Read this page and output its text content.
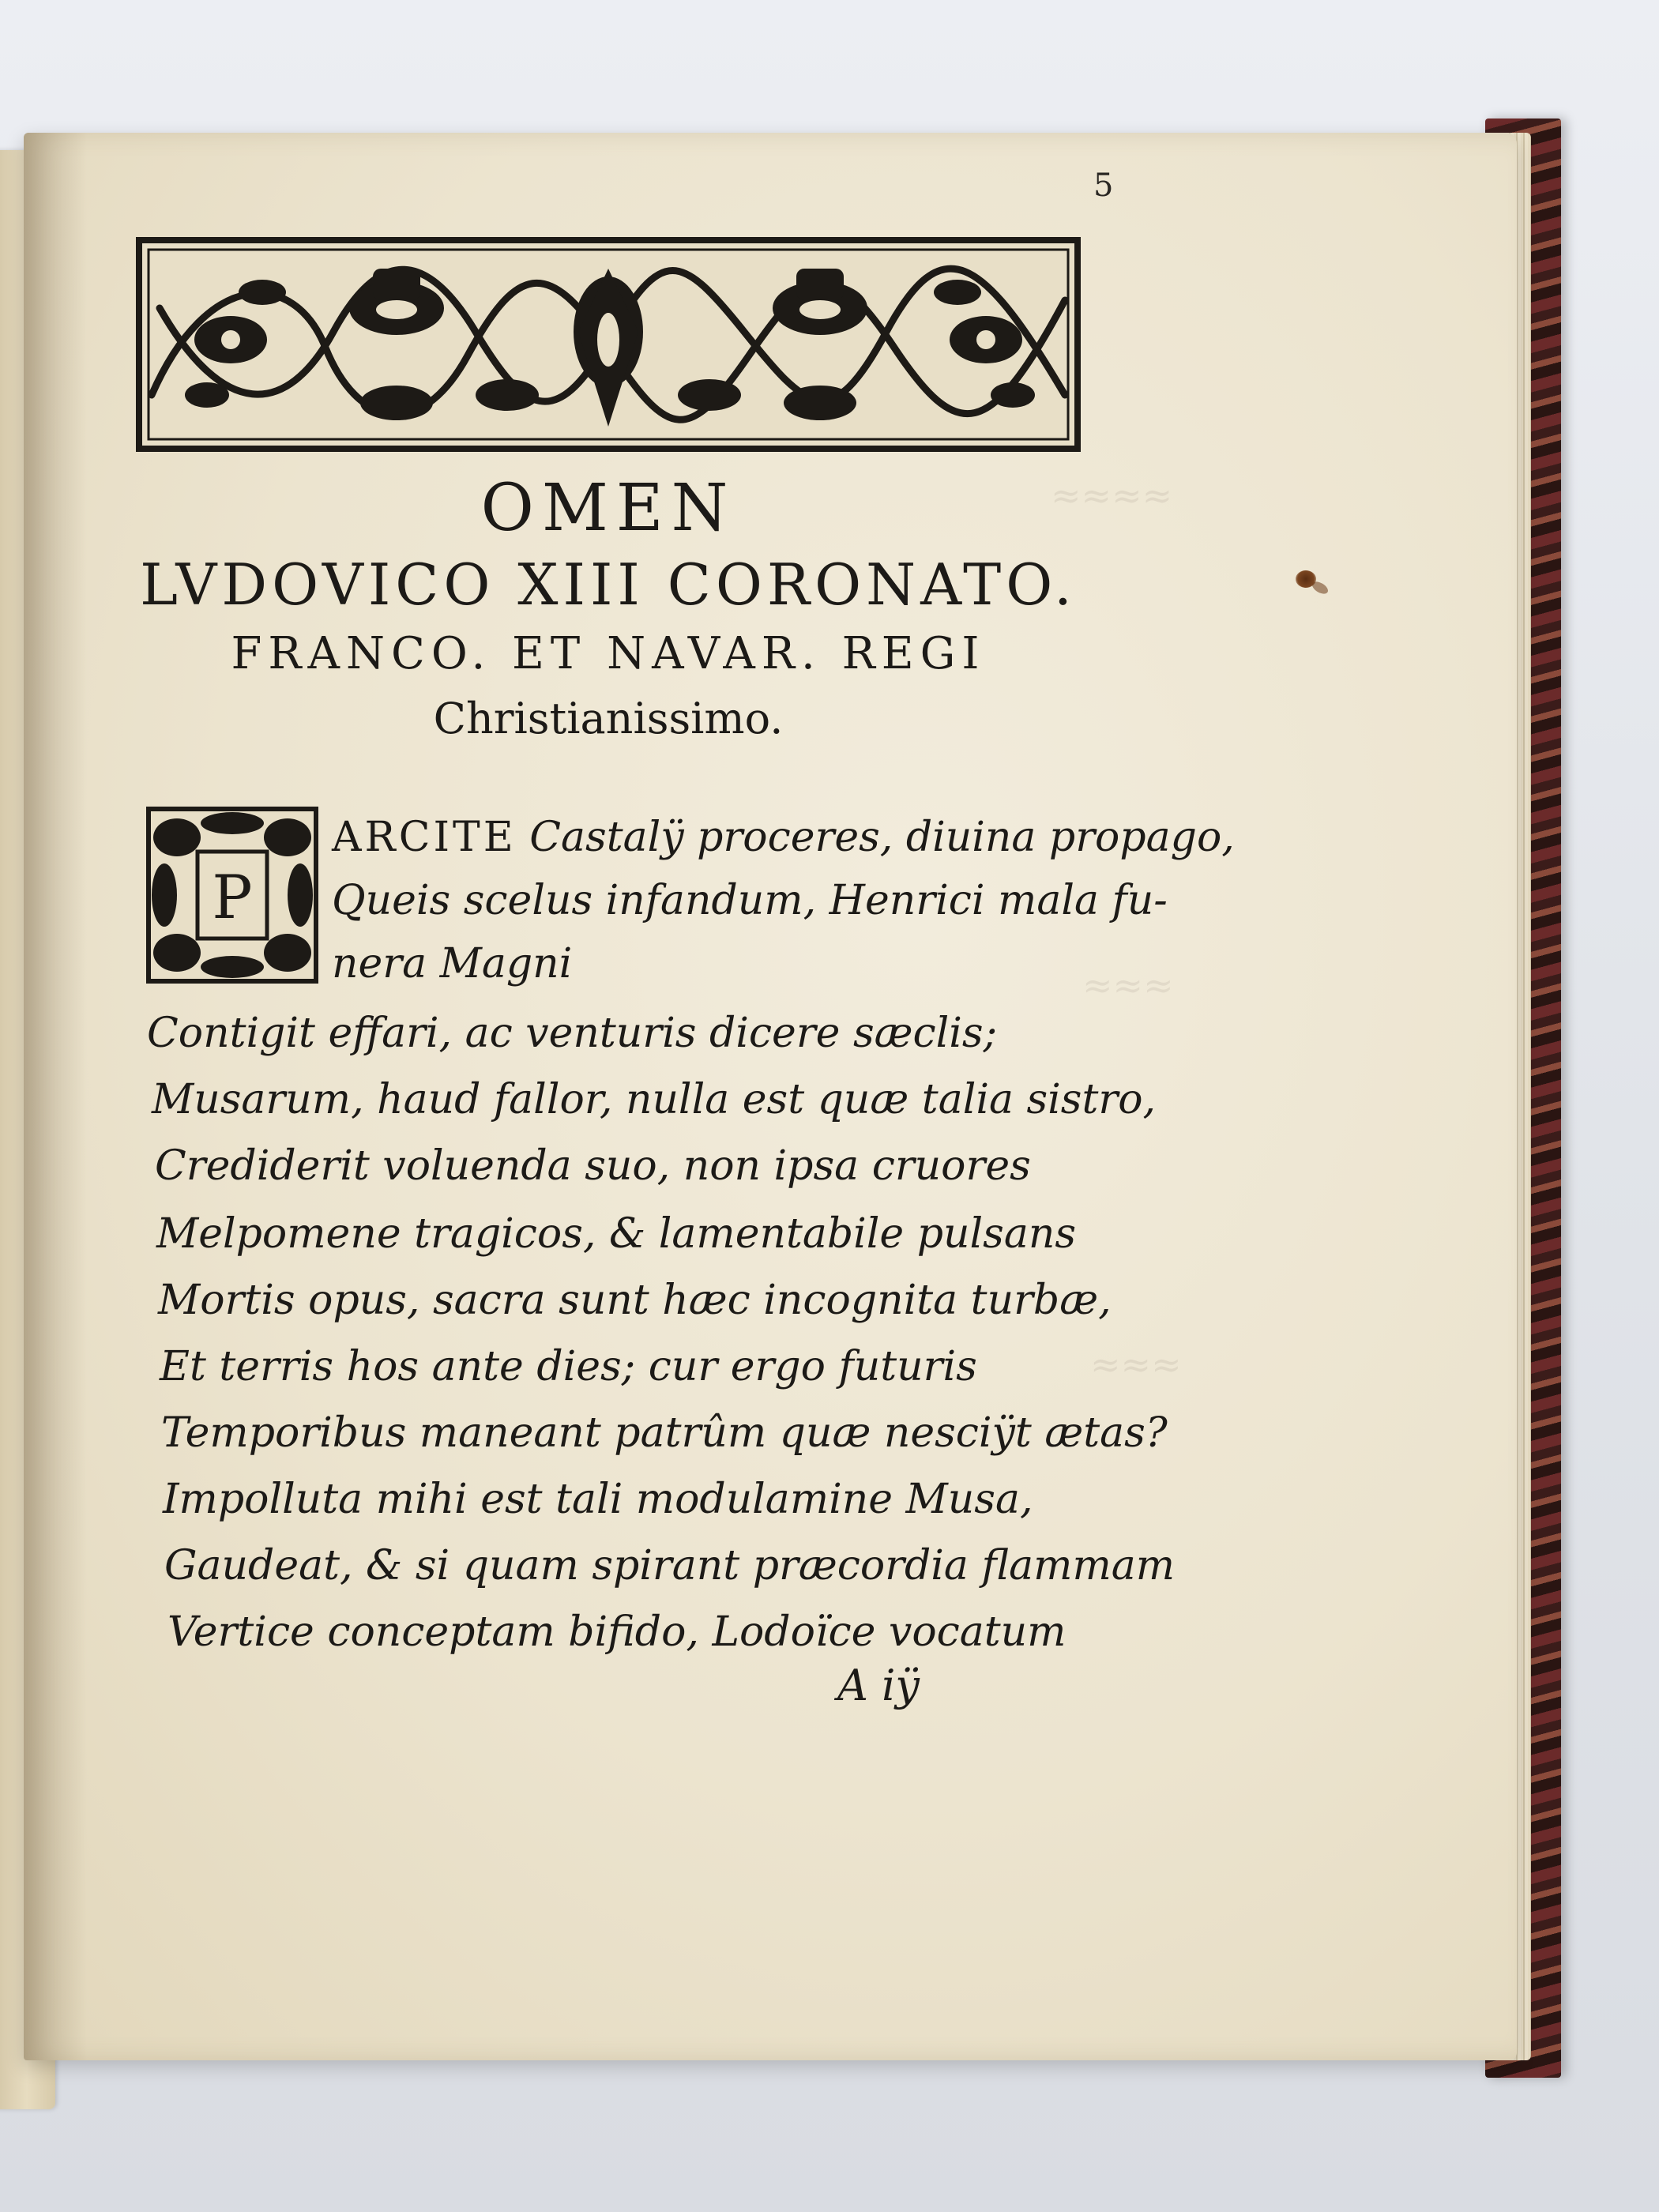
≈≈≈≈
≈≈≈
≈≈≈
5
OMEN
LVDOVICO XIII CORONATO.
FRANCO. ET NAVAR. REGI
Christianissimo.
P
ARCITE Castalÿ proceres, diuina propago,
Queis scelus infandum, Henrici mala fu-
nera Magni
Contigit effari, ac venturis dicere sæclis;
Musarum, haud fallor, nulla est quæ talia sistro,
Crediderit voluenda suo, non ipsa cruores
Melpomene tragicos, & lamentabile pulsans
Mortis opus, sacra sunt hæc incognita turbæ,
Et terris hos ante dies; cur ergo futuris
Temporibus maneant patrûm quæ nesciÿt ætas?
Impolluta mihi est tali modulamine Musa,
Gaudeat, & si quam spirant præcordia flammam
Vertice conceptam bifido, Lodoïce vocatum
A iÿ
